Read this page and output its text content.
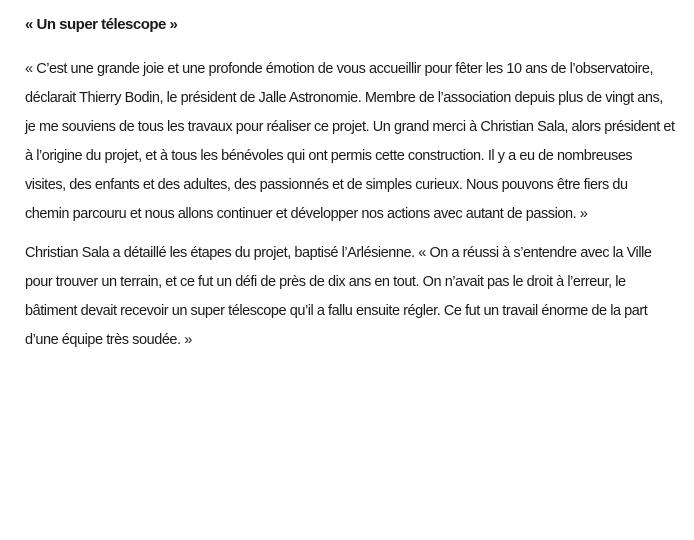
« Un super télescope »

« C’est une grande joie et une profonde émotion de vous accueillir pour fêter les 10 ans de l’observatoire, déclarait Thierry Bodin, le président de Jalle Astronomie. Membre de l’association depuis plus de vingt ans, je me souviens de tous les travaux pour réaliser ce projet. Un grand merci à Christian Sala, alors président et à l’origine du projet, et à tous les bénévoles qui ont permis cette construction. Il y a eu de nombreuses visites, des enfants et des adultes, des passionnés et de simples curieux. Nous pouvons être fiers du chemin parcouru et nous allons continuer et développer nos actions avec autant de passion. »

Christian Sala a détaillé les étapes du projet, baptisé l’Arlésienne. « On a réussi à s’entendre avec la Ville pour trouver un terrain, et ce fut un défi de près de dix ans en tout. On n’avait pas le droit à l’erreur, le bâtiment devait recevoir un super télescope qu’il a fallu ensuite régler. Ce fut un travail énorme de la part d’une équipe très soudée. »
